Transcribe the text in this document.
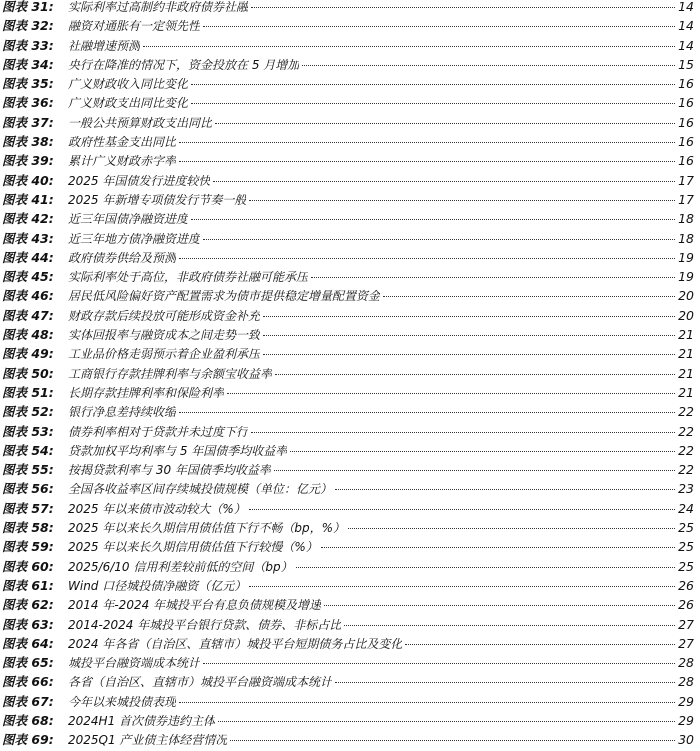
图表 31:	实际利率过高制约非政府债券社融	14
图表 32:	融资对通胀有一定领先性	14
图表 33:	社融增速预测	14
图表 34:	央行在降准的情况下，资金投放在 5 月增加	15
图表 35:	广义财政收入同比变化	16
图表 36:	广义财政支出同比变化	16
图表 37:	一般公共预算财政支出同比	16
图表 38:	政府性基金支出同比	16
图表 39:	累计广义财政赤字率	16
图表 40:	2025 年国债发行进度较快	17
图表 41:	2025 年新增专项债发行节奏一般	17
图表 42:	近三年国债净融资进度	18
图表 43:	近三年地方债净融资进度	18
图表 44:	政府债券供给及预测	19
图表 45:	实际利率处于高位，非政府债券社融可能承压	19
图表 46:	居民低风险偏好资产配置需求为债市提供稳定增量配置资金	20
图表 47:	财政存款后续投放可能形成资金补充	20
图表 48:	实体回报率与融资成本之间走势一致	21
图表 49:	工业品价格走弱预示着企业盈利承压	21
图表 50:	工商银行存款挂牌利率与余额宝收益率	21
图表 51:	长期存款挂牌利率和保险利率	21
图表 52:	银行净息差持续收缩	22
图表 53:	债券利率相对于贷款并未过度下行	22
图表 54:	贷款加权平均利率与 5 年国债季均收益率	22
图表 55:	按揭贷款利率与 30 年国债季均收益率	22
图表 56:	全国各收益率区间存续城投债规模（单位：亿元）	23
图表 57:	2025 年以来债市波动较大（%）	24
图表 58:	2025 年以来长久期信用债估值下行不畅（bp，%）	25
图表 59:	2025 年以来长久期信用债估值下行较慢（%）	25
图表 60:	2025/6/10 信用利差较前低的空间（bp）	25
图表 61:	Wind 口径城投债净融资（亿元）	26
图表 62:	2014 年-2024 年城投平台有息负债规模及增速	26
图表 63:	2014-2024 年城投平台银行贷款、债券、非标占比	27
图表 64:	2024 年各省（自治区、直辖市）城投平台短期债务占比及变化	27
图表 65:	城投平台融资端成本统计	28
图表 66:	各省（自治区、直辖市）城投平台融资端成本统计	28
图表 67:	今年以来城投债表现	29
图表 68:	2024H1 首次债券违约主体	29
图表 69:	2025Q1 产业债主体经营情况	30
